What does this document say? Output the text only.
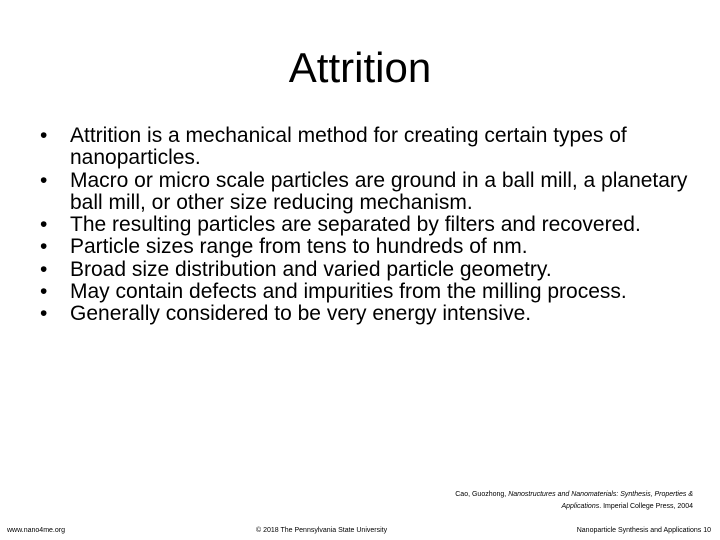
Attrition
•	Attrition is a mechanical method for creating certain types of nanoparticles.
•	Macro or micro scale particles are ground in a ball mill, a planetary ball mill, or other size reducing mechanism.
•	The resulting particles are separated by filters and recovered.
•	Particle sizes range from tens to hundreds of nm.
•	Broad size distribution and varied particle geometry.
•	May contain defects and impurities from the milling process.
•	Generally considered to be very energy intensive.
Cao, Guozhong, Nanostructures and Nanomaterials: Synthesis, Properties &
Applications. Imperial College Press, 2004
www.nano4me.org	© 2018 The Pennsylvania State University	Nanoparticle Synthesis and Applications 10
